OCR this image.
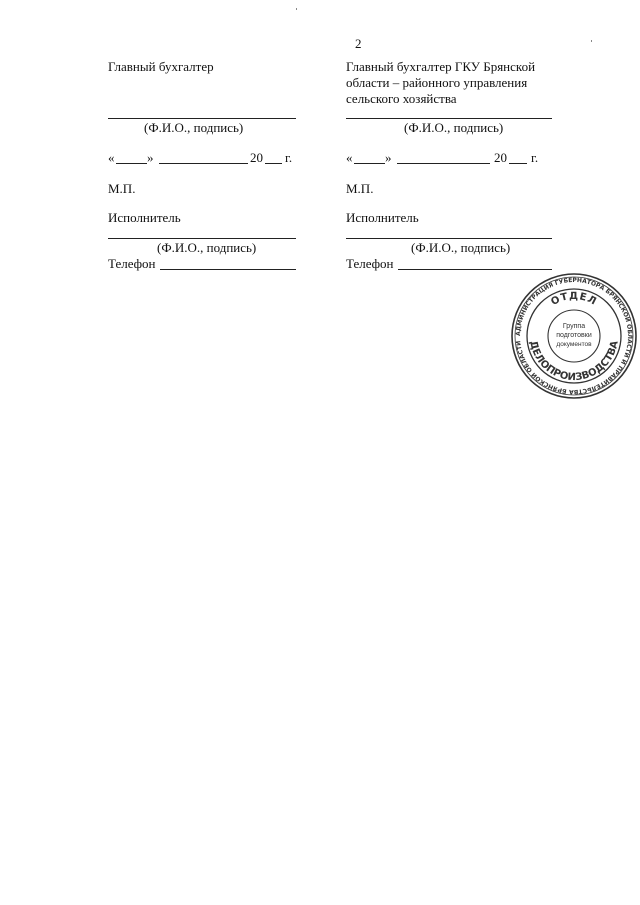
2
Главный бухгалтер
(Ф.И.О., подпись)
«	»	20 г.
М.П.
Исполнитель
(Ф.И.О., подпись)
Телефон
Главный бухгалтер ГКУ Брянской
области – районного управления
сельского хозяйства
(Ф.И.О., подпись)
«	»	20 г.
М.П.
Исполнитель
(Ф.И.О., подпись)
Телефон
АДМИНИСТРАЦИЯ ГУБЕРНАТОРА БРЯНСКОЙ ОБЛАСТИ И ПРАВИТЕЛЬСТВА БРЯНСКОЙ ОБЛАСТИ
ОТДЕЛ
ДЕЛОПРОИЗВОДСТВА
Группа
подготовки
документов
